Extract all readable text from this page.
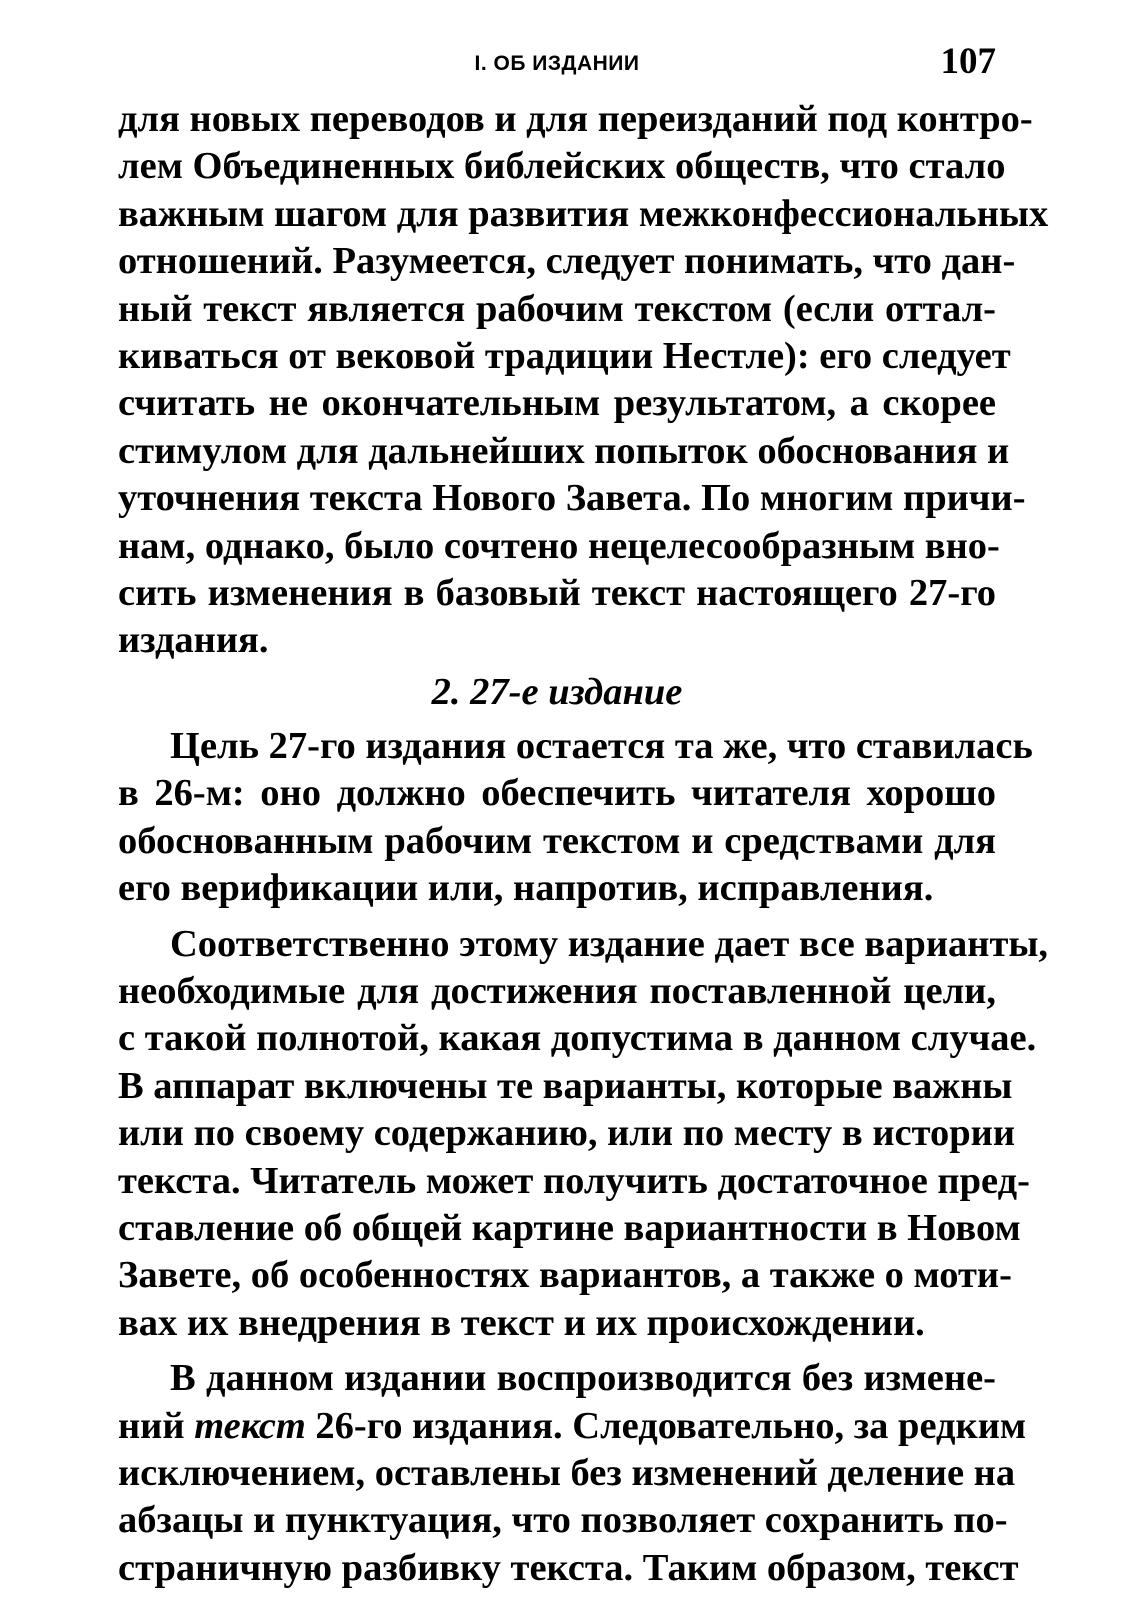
I. ОБ ИЗДАНИИ	107
для новых переводов и для переизданий под контро-
лем Объединенных библейских обществ, что стало
важным шагом для развития межконфессиональных
отношений. Разумеется, следует понимать, что дан-
ный текст является рабочим текстом (если оттал-
киваться от вековой традиции Нестле): его следует
считать не окончательным результатом, а скорее
стимулом для дальнейших попыток обоснования и
уточнения текста Нового Завета. По многим причи-
нам, однако, было сочтено нецелесообразным вно-
сить изменения в базовый текст настоящего 27-го
издания.
2. 27-е издание
Цель 27-го издания остается та же, что ставилась
в 26-м: оно должно обеспечить читателя хорошо
обоснованным рабочим текстом и средствами для
его верификации или, напротив, исправления.
Соответственно этому издание дает все варианты,
необходимые для достижения поставленной цели,
с такой полнотой, какая допустима в данном случае.
В аппарат включены те варианты, которые важны
или по своему содержанию, или по месту в истории
текста. Читатель может получить достаточное пред-
ставление об общей картине вариантности в Новом
Завете, об особенностях вариантов, а также о моти-
вах их внедрения в текст и их происхождении.
В данном издании воспроизводится без измене-
ний текст 26-го издания. Следовательно, за редким
исключением, оставлены без изменений деление на
абзацы и пунктуация, что позволяет сохранить по-
страничную разбивку текста. Таким образом, текст
